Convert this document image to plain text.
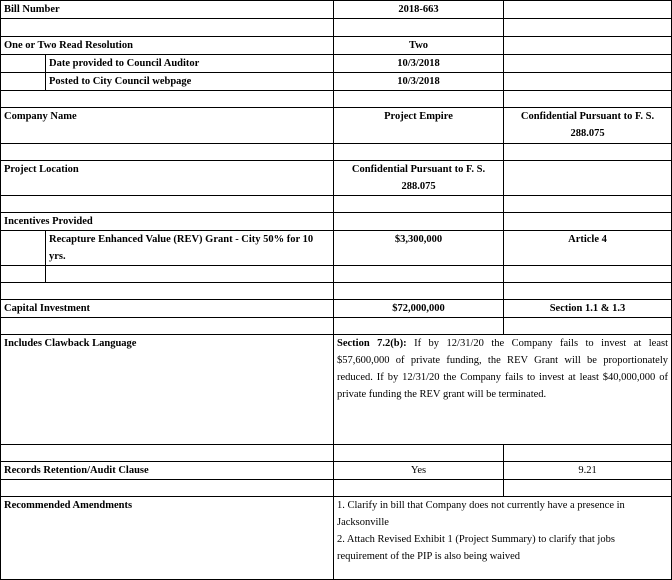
Bill Number		2018-663	

One or Two Read Resolution		Two	
	Date provided to Council Auditor	10/3/2018	
	Posted to City Council webpage	10/3/2018	

Company Name		Project Empire	Confidential Pursuant to F. S. 288.075

Project Location		Confidential Pursuant to F. S. 288.075	

Incentives Provided			
	Recapture Enhanced Value (REV) Grant - City 50% for 10 yrs.	$3,300,000	Article 4

Capital Investment		$72,000,000	Section 1.1 & 1.3

Includes Clawback Language		Section 7.2(b): If by 12/31/20 the Company fails to invest at least $57,600,000 of private funding, the REV Grant will be proportionately reduced. If by 12/31/20 the Company fails to invest at least $40,000,000 of private funding the REV grant will be terminated.	

Records Retention/Audit Clause		Yes	9.21

Recommended Amendments		1. Clarify in bill that Company does not currently have a presence in Jacksonville
2. Attach Revised Exhibit 1 (Project Summary) to clarify that jobs requirement of the PIP is also being waived	
